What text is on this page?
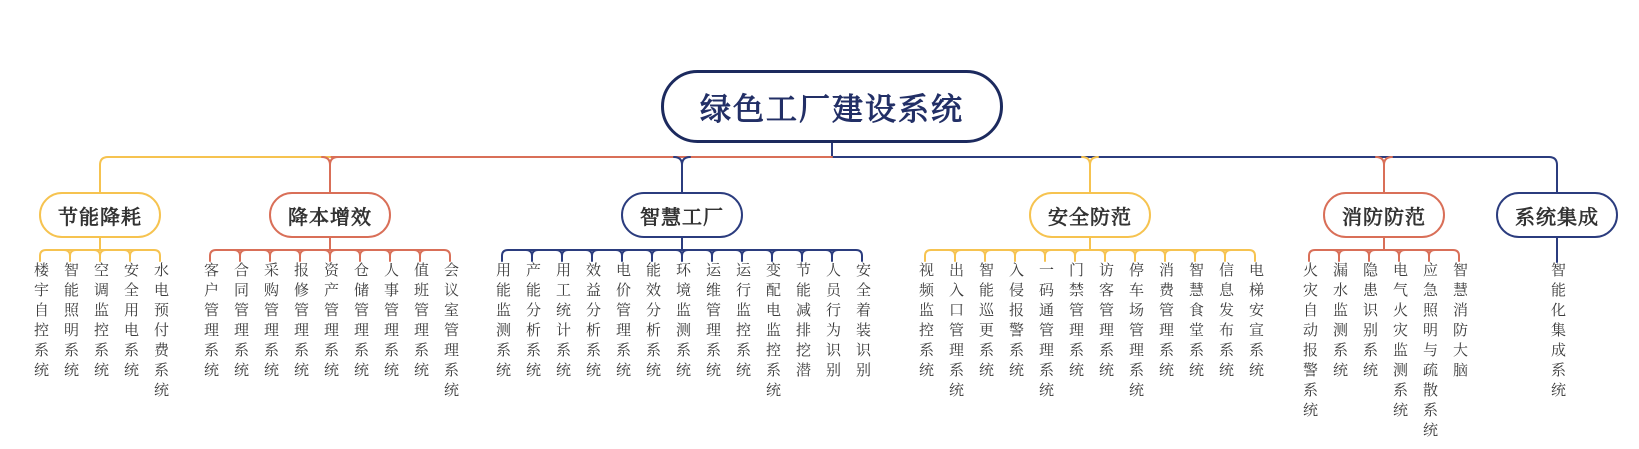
绿色工厂建设系统
节能降耗
楼宇自控系统 智能照明系统 空调监控系统 安全用电系统 水电预付费系统
降本增效
客户管理系统 合同管理系统 采购管理系统 报修管理系统 资产管理系统 仓储管理系统 人事管理系统 值班管理系统 会议室管理系统
智慧工厂
用能监测系统 产能分析系统 用工统计系统 效益分析系统 电价管理系统 能效分析系统 环境监测系统 运维管理系统 运行监控系统 变配电监控系统 节能减排挖潜 人员行为识别 安全着装识别
安全防范
视频监控系统 出入口管理系统 智能巡更系统 入侵报警系统 一码通管理系统 门禁管理系统 访客管理系统 停车场管理系统 消费管理系统 智慧食堂系统 信息发布系统 电梯安宣系统
消防防范
火灾自动报警系统 漏水监测系统 隐患识别系统 电气火灾监测系统 应急照明与疏散系统 智慧消防大脑
系统集成
智能化集成系统
